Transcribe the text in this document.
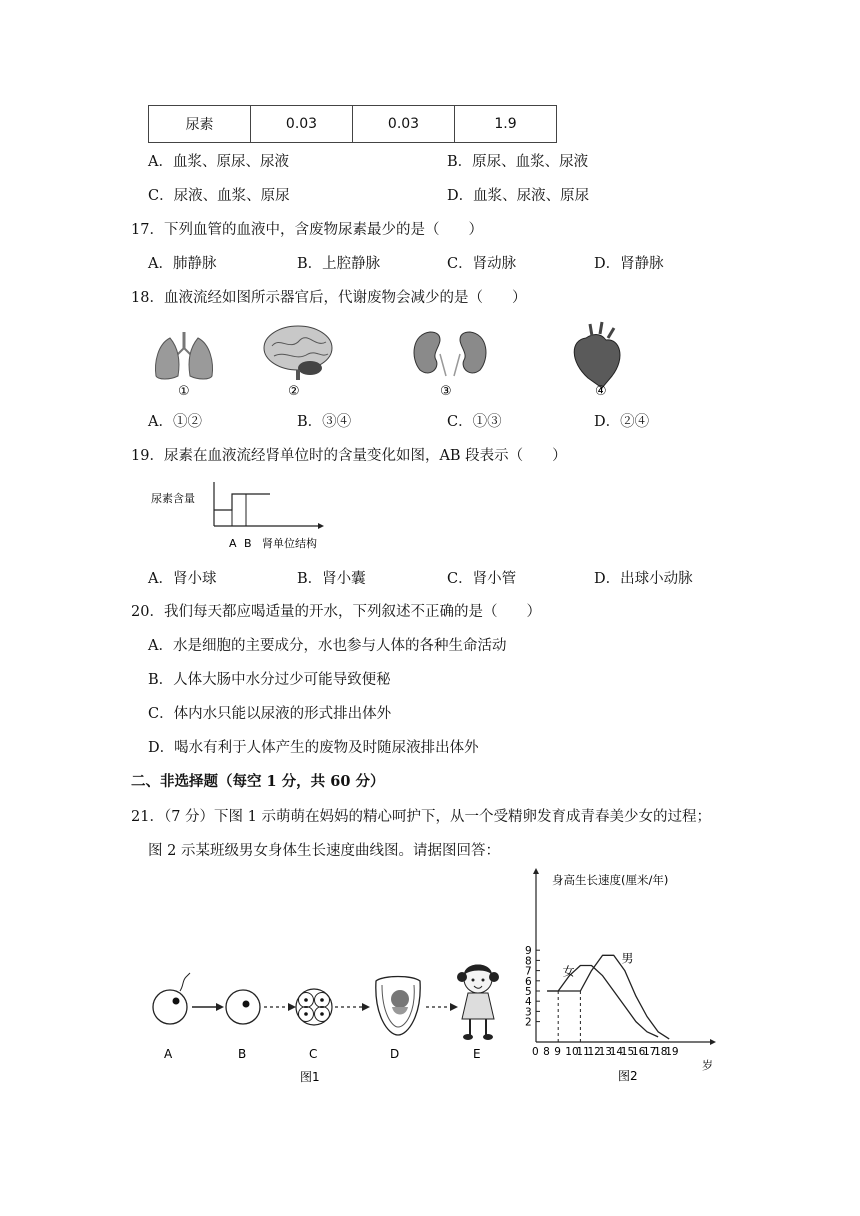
尿素	0.03	0.03	1.9
A．血浆、原尿、尿液	B．原尿、血浆、尿液
C．尿液、血浆、原尿	D．血浆、尿液、原尿
17．下列血管的血液中，含废物尿素最少的是（　　）
A．肺静脉	B．上腔静脉	C．肾动脉	D．肾静脉
18．血液流经如图所示器官后，代谢废物会减少的是（　　）
①	②	③	④
A．①②	B．③④	C．①③	D．②④
19．尿素在血液流经肾单位时的含量变化如图，AB 段表示（　　）
尿素含量
A B 肾单位结构
A．肾小球	B．肾小囊	C．肾小管	D．出球小动脉
20．我们每天都应喝适量的开水，下列叙述不正确的是（　　）
A．水是细胞的主要成分，水也参与人体的各种生命活动
B．人体大肠中水分过少可能导致便秘
C．体内水只能以尿液的形式排出体外
D．喝水有利于人体产生的废物及时随尿液排出体外
二、非选择题（每空 1 分，共 60 分）
21．（7 分）下图 1 示萌萌在妈妈的精心呵护下，从一个受精卵发育成青春美少女的过程；
图 2 示某班级男女身体生长速度曲线图。请据图回答：
A	B	C	D	E
图1
身高生长速度(厘米/年)
0 8 9 10
11
12
13
14
15
16
17
18
19
2
3
4
5
6
7
8
9
女
男
岁
图2
